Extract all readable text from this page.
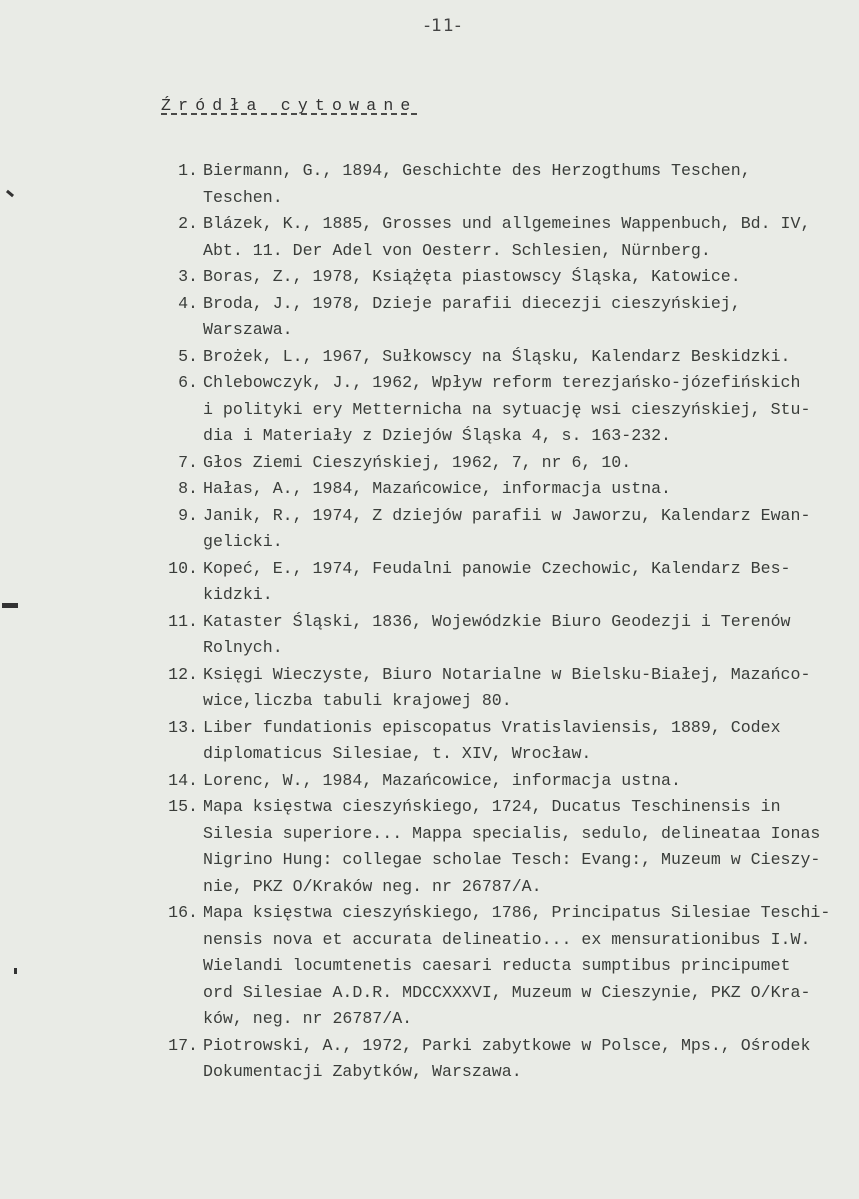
-11-
Źródła cytowane
1. Biermann, G., 1894, Geschichte des Herzogthums Teschen,
Teschen.
2. Blázek, K., 1885, Grosses und allgemeines Wappenbuch, Bd. IV,
Abt. 11. Der Adel von Oesterr. Schlesien, Nürnberg.
3. Boras, Z., 1978, Książęta piastowscy Śląska, Katowice.
4. Broda, J., 1978, Dzieje parafii diecezji cieszyńskiej,
Warszawa.
5. Brożek, L., 1967, Sułkowscy na Śląsku, Kalendarz Beskidzki.
6. Chlebowczyk, J., 1962, Wpływ reform terezjańsko-józefińskich
i polityki ery Metternicha na sytuację wsi cieszyńskiej, Stu-
dia i Materiały z Dziejów Śląska 4, s. 163-232.
7. Głos Ziemi Cieszyńskiej, 1962, 7, nr 6, 10.
8. Hałas, A., 1984, Mazańcowice, informacja ustna.
9. Janik, R., 1974, Z dziejów parafii w Jaworzu, Kalendarz Ewan-
gelicki.
10. Kopeć, E., 1974, Feudalni panowie Czechowic, Kalendarz Bes-
kidzki.
11. Kataster Śląski, 1836, Wojewódzkie Biuro Geodezji i Terenów
Rolnych.
12. Księgi Wieczyste, Biuro Notarialne w Bielsku-Białej, Mazańco-
wice,liczba tabuli krajowej 80.
13. Liber fundationis episcopatus Vratislaviensis, 1889, Codex
diplomaticus Silesiae, t. XIV, Wrocław.
14. Lorenc, W., 1984, Mazańcowice, informacja ustna.
15. Mapa księstwa cieszyńskiego, 1724, Ducatus Teschinensis in
Silesia superiore... Mappa specialis, sedulo, delineataa Ionas
Nigrino Hung: collegae scholae Tesch: Evang:, Muzeum w Cieszy-
nie, PKZ O/Kraków neg. nr 26787/A.
16. Mapa księstwa cieszyńskiego, 1786, Principatus Silesiae Teschi-
nensis nova et accurata delineatio... ex mensurationibus I.W.
Wielandi locumtenetis caesari reducta sumptibus principumet
ord Silesiae A.D.R. MDCCXXXVI, Muzeum w Cieszynie, PKZ O/Kra-
ków, neg. nr 26787/A.
17. Piotrowski, A., 1972, Parki zabytkowe w Polsce, Mps., Ośrodek
Dokumentacji Zabytków, Warszawa.
